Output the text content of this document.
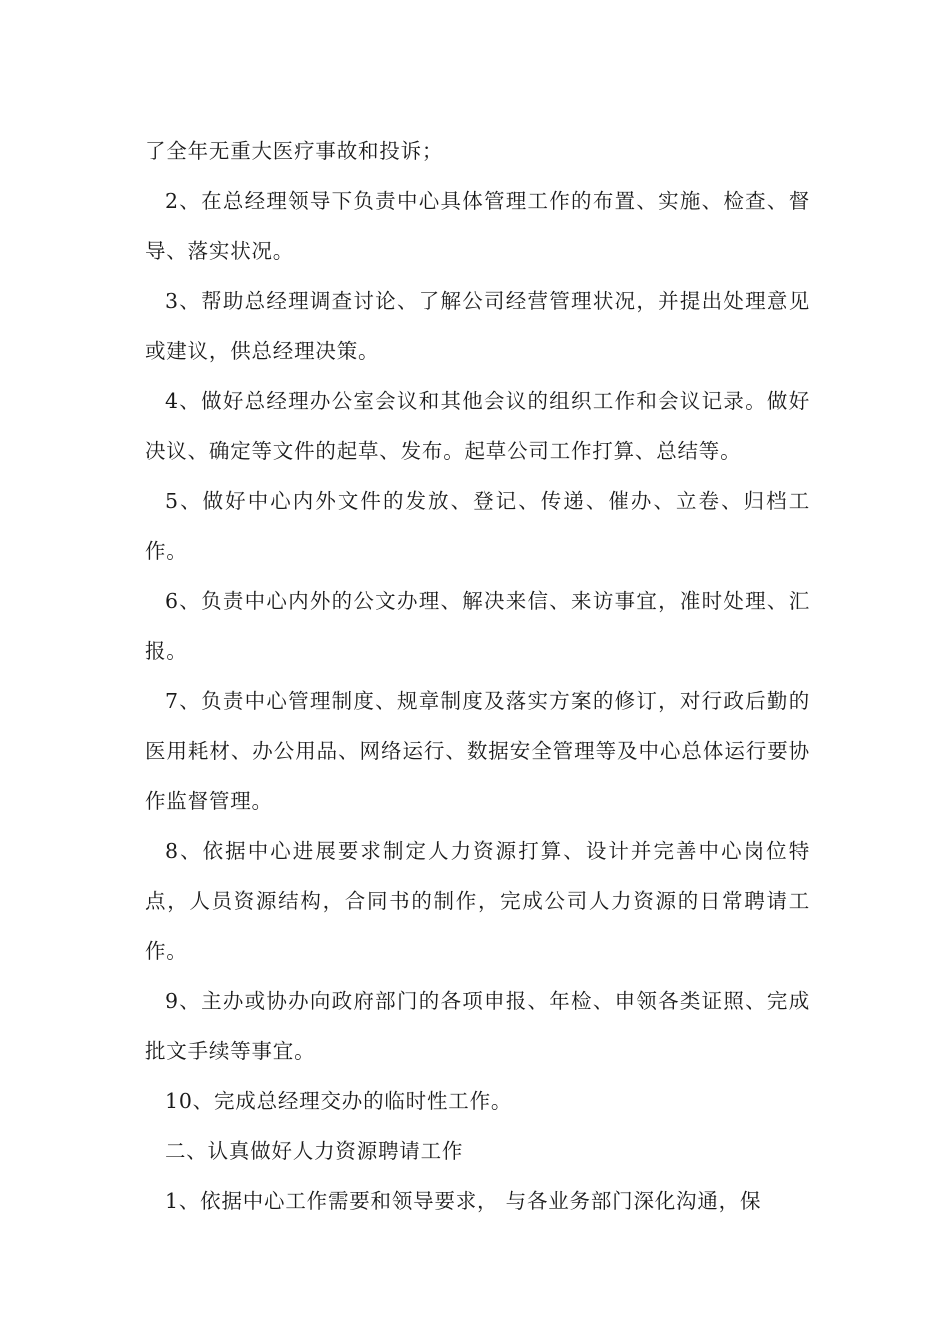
了全年无重大医疗事故和投诉；

2、在总经理领导下负责中心具体管理工作的布置、实施、检查、督导、落实状况。

3、帮助总经理调查讨论、了解公司经营管理状况，并提出处理意见或建议，供总经理决策。

4、做好总经理办公室会议和其他会议的组织工作和会议记录。做好决议、确定等文件的起草、发布。起草公司工作打算、总结等。

5、做好中心内外文件的发放、登记、传递、催办、立卷、归档工作。

6、负责中心内外的公文办理、解决来信、来访事宜，准时处理、汇报。

7、负责中心管理制度、规章制度及落实方案的修订，对行政后勤的医用耗材、办公用品、网络运行、数据安全管理等及中心总体运行要协作监督管理。

8、依据中心进展要求制定人力资源打算、设计并完善中心岗位特点，人员资源结构，合同书的制作，完成公司人力资源的日常聘请工作。

9、主办或协办向政府部门的各项申报、年检、申领各类证照、完成批文手续等事宜。

10、完成总经理交办的临时性工作。

二、认真做好人力资源聘请工作

1、依据中心工作需要和领导要求， 与各业务部门深化沟通，保
